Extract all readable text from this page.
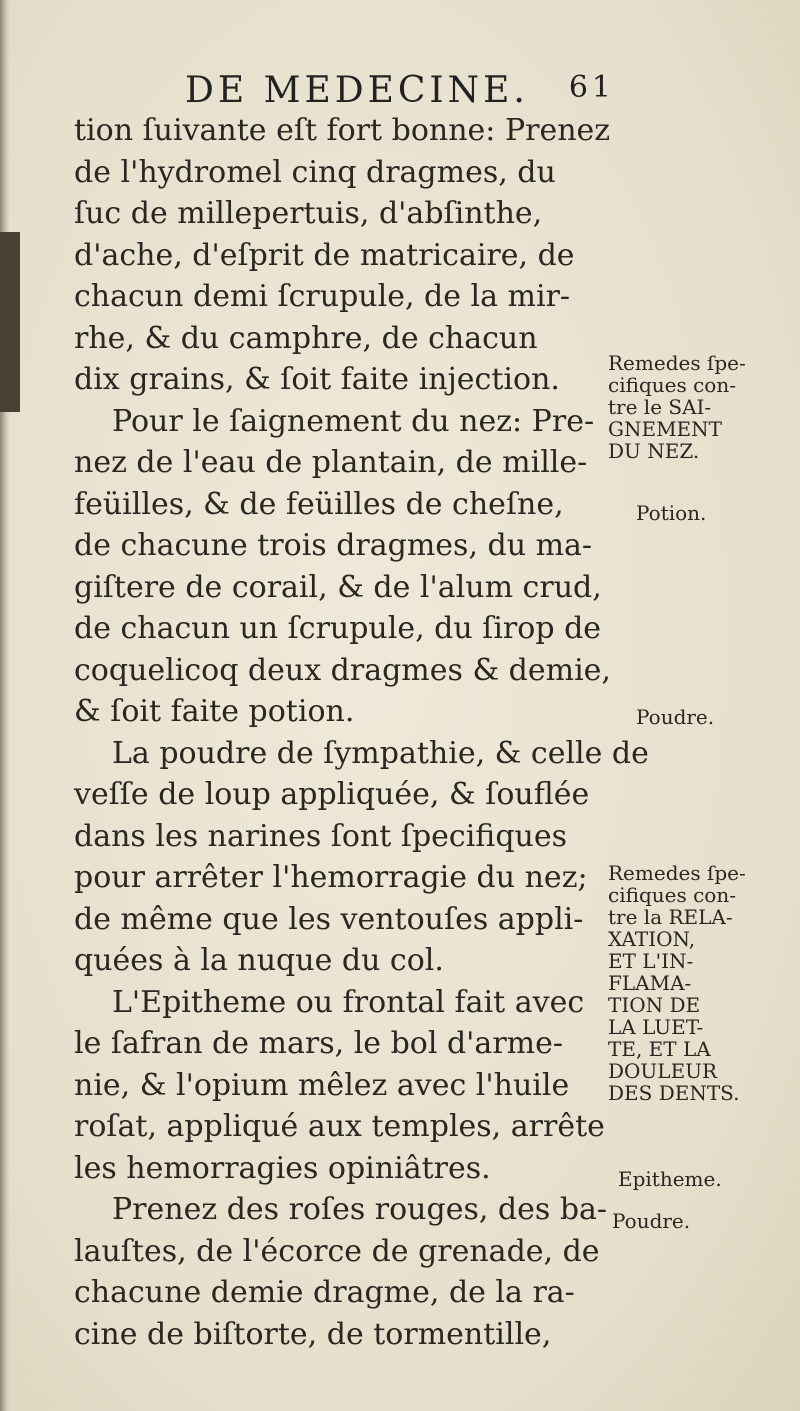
DE MEDECINE. 61
tion ſuivante eſt fort bonne: Prenez
de l'hydromel cinq dragmes, du
ſuc de millepertuis, d'abſinthe,
d'ache, d'eſprit de matricaire, de
chacun demi ſcrupule, de la mir-
rhe, & du camphre, de chacun
dix grains, & ſoit faite injection.
Pour le ſaignement du nez: Pre-
nez de l'eau de plantain, de mille-
feüilles, & de feüilles de cheſne,
de chacune trois dragmes, du ma-
giſtere de corail, & de l'alum crud,
de chacun un ſcrupule, du ſirop de
coquelicoq deux dragmes & demie,
& ſoit faite potion.
La poudre de ſympathie, & celle de
veſſe de loup appliquée, & ſouflée
dans les narines ſont ſpecifiques
pour arrêter l'hemorragie du nez;
de même que les ventouſes appli-
quées à la nuque du col.
L'Epitheme ou frontal fait avec
le ſafran de mars, le bol d'arme-
nie, & l'opium mêlez avec l'huile
roſat, appliqué aux temples, arrête
les hemorragies opiniâtres.
Prenez des roſes rouges, des ba-
lauſtes, de l'écorce de grenade, de
chacune demie dragme, de la ra-
cine de biſtorte, de tormentille,
Remedes ſpe-
cifiques con-
tre le SAI-
GNEMENT
DU NEZ.
Potion.
Poudre.
Remedes ſpe-
cifiques con-
tre la RELA-
XATION,
ET L'IN-
FLAMA-
TION DE
LA LUET-
TE, ET LA
DOULEUR
DES DENTS.
Epitheme.
Poudre.
